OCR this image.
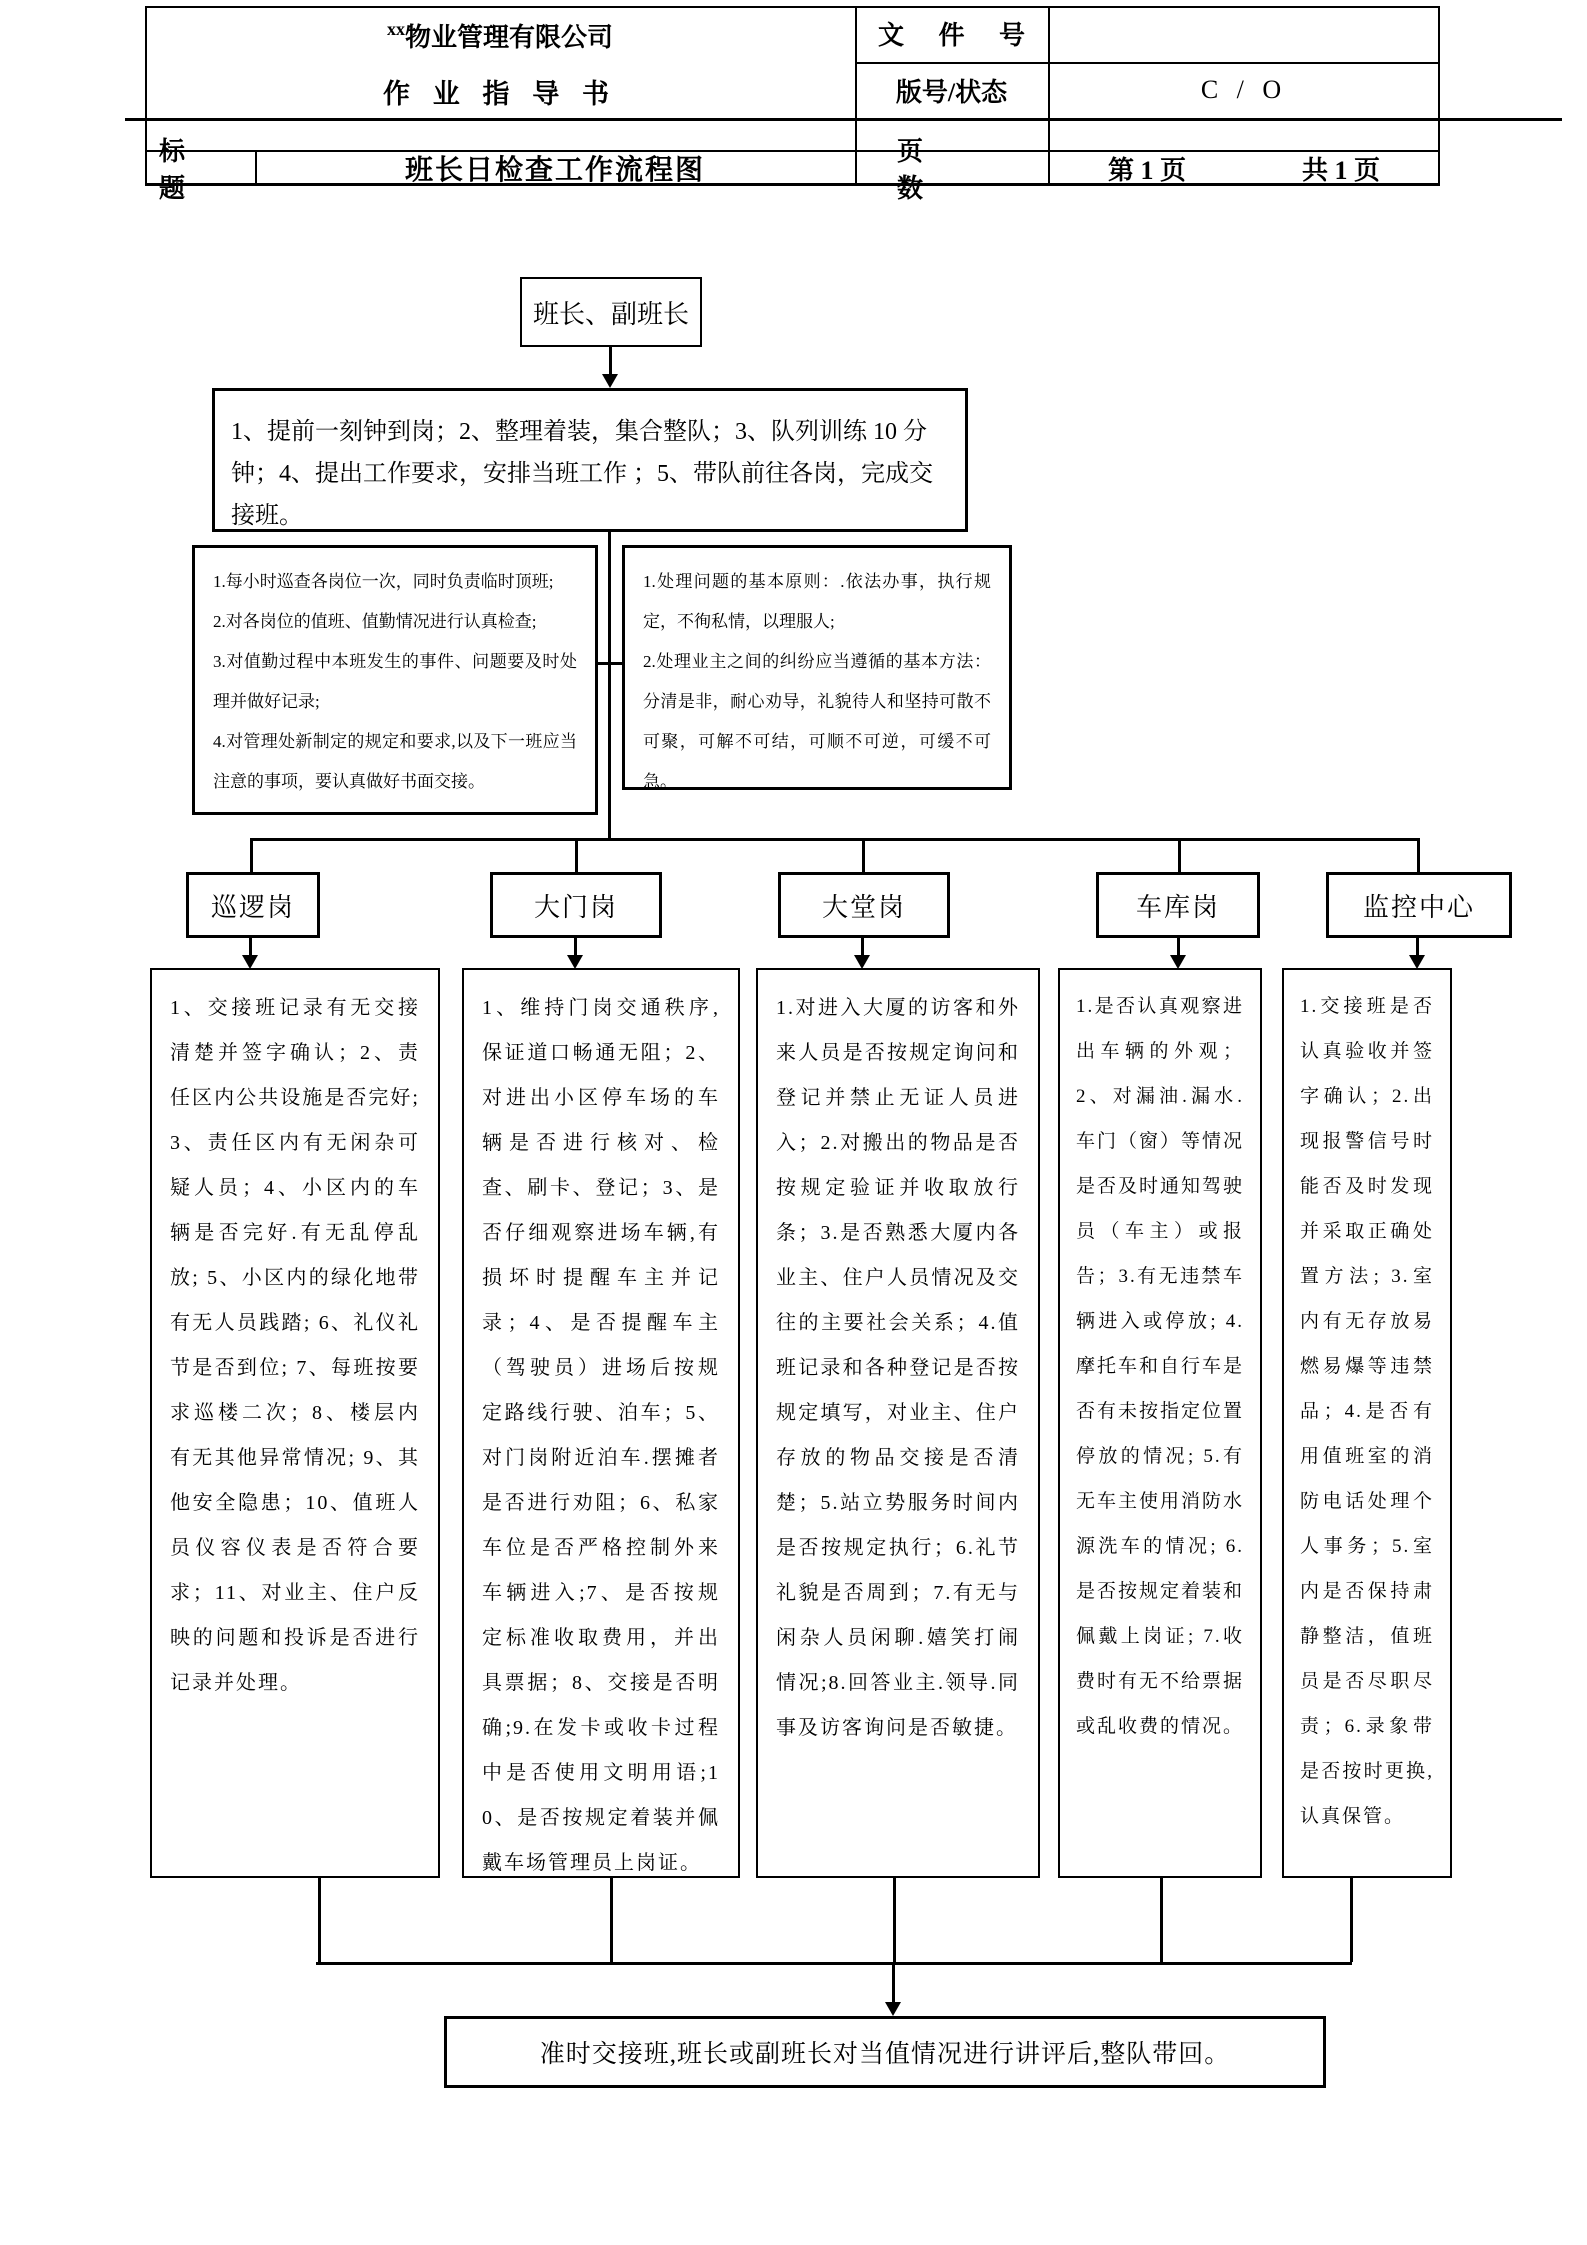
xx 物业管理有限公司
作 业 指 导 书
文 件 号
版号/状态	C / O
标 题
班长日检查工作流程图
页 数
第 1 页	共 1 页
班长、副班长
1、提前一刻钟到岗；2、整理着装，集合整队；3、队列训练 10 分钟；4、提出工作要求，安排当班工作 ；5、带队前往各岗，完成交接班。
1.每小时巡查各岗位一次，同时负责临时顶班;
2.对各岗位的值班、值勤情况进行认真检查;
3.对值勤过程中本班发生的事件、问题要及时处理并做好记录;
4.对管理处新制定的规定和要求,以及下一班应当注意的事项，要认真做好书面交接。
1.处理问题的基本原则：.依法办事，执行规定，不徇私情，以理服人;
2.处理业主之间的纠纷应当遵循的基本方法：分清是非，耐心劝导，礼貌待人和坚持可散不可聚，可解不可结，可顺不可逆，可缓不可急。
巡逻岗	大门岗	大堂岗	车库岗	监控中心
1、交接班记录有无交接清楚并签字确认；2、责任区内公共设施是否完好; 3、责任区内有无闲杂可疑人员；4、小区内的车辆是否完好.有无乱停乱放; 5、小区内的绿化地带有无人员践踏; 6、礼仪礼节是否到位; 7、每班按要求巡楼二次；8、楼层内有无其他异常情况; 9、其他安全隐患；10、值班人员仪容仪表是否符合要求；11、对业主、住户反映的问题和投诉是否进行记录并处理。
1、维持门岗交通秩序,保证道口畅通无阻；2、对进出小区停车场的车辆是否进行核对、检查、刷卡、登记；3、是否仔细观察进场车辆,有损坏时提醒车主并记录；4、是否提醒车主（驾驶员）进场后按规定路线行驶、泊车；5、对门岗附近泊车.摆摊者是否进行劝阻；6、私家车位是否严格控制外来车辆进入;7、是否按规定标准收取费用，并出具票据；8、交接是否明确;9.在发卡或收卡过程中是否使用文明用语;10、是否按规定着装并佩戴车场管理员上岗证。
1.对进入大厦的访客和外来人员是否按规定询问和登记并禁止无证人员进入；2.对搬出的物品是否按规定验证并收取放行条；3.是否熟悉大厦内各业主、住户人员情况及交往的主要社会关系；4.值班记录和各种登记是否按规定填写，对业主、住户存放的物品交接是否清楚；5.站立势服务时间内是否按规定执行；6.礼节礼貌是否周到；7.有无与闲杂人员闲聊.嬉笑打闹情况;8.回答业主.领导.同事及访客询问是否敏捷。
1.是否认真观察进出车辆的外观；2、对漏油.漏水.车门（窗）等情况是否及时通知驾驶员（车主）或报告；3.有无违禁车辆进入或停放; 4.摩托车和自行车是否有未按指定位置停放的情况; 5.有无车主使用消防水源洗车的情况; 6.是否按规定着装和佩戴上岗证; 7.收费时有无不给票据或乱收费的情况。
1.交接班是否认真验收并签字确认；2.出现报警信号时能否及时发现并采取正确处置方法; 3.室内有无存放易燃易爆等违禁品；4.是否有用值班室的消防电话处理个人事务；5.室内是否保持肃静整洁，值班员是否尽职尽责；6.录象带是否按时更换,认真保管。
准时交接班,班长或副班长对当值情况进行讲评后,整队带回。
